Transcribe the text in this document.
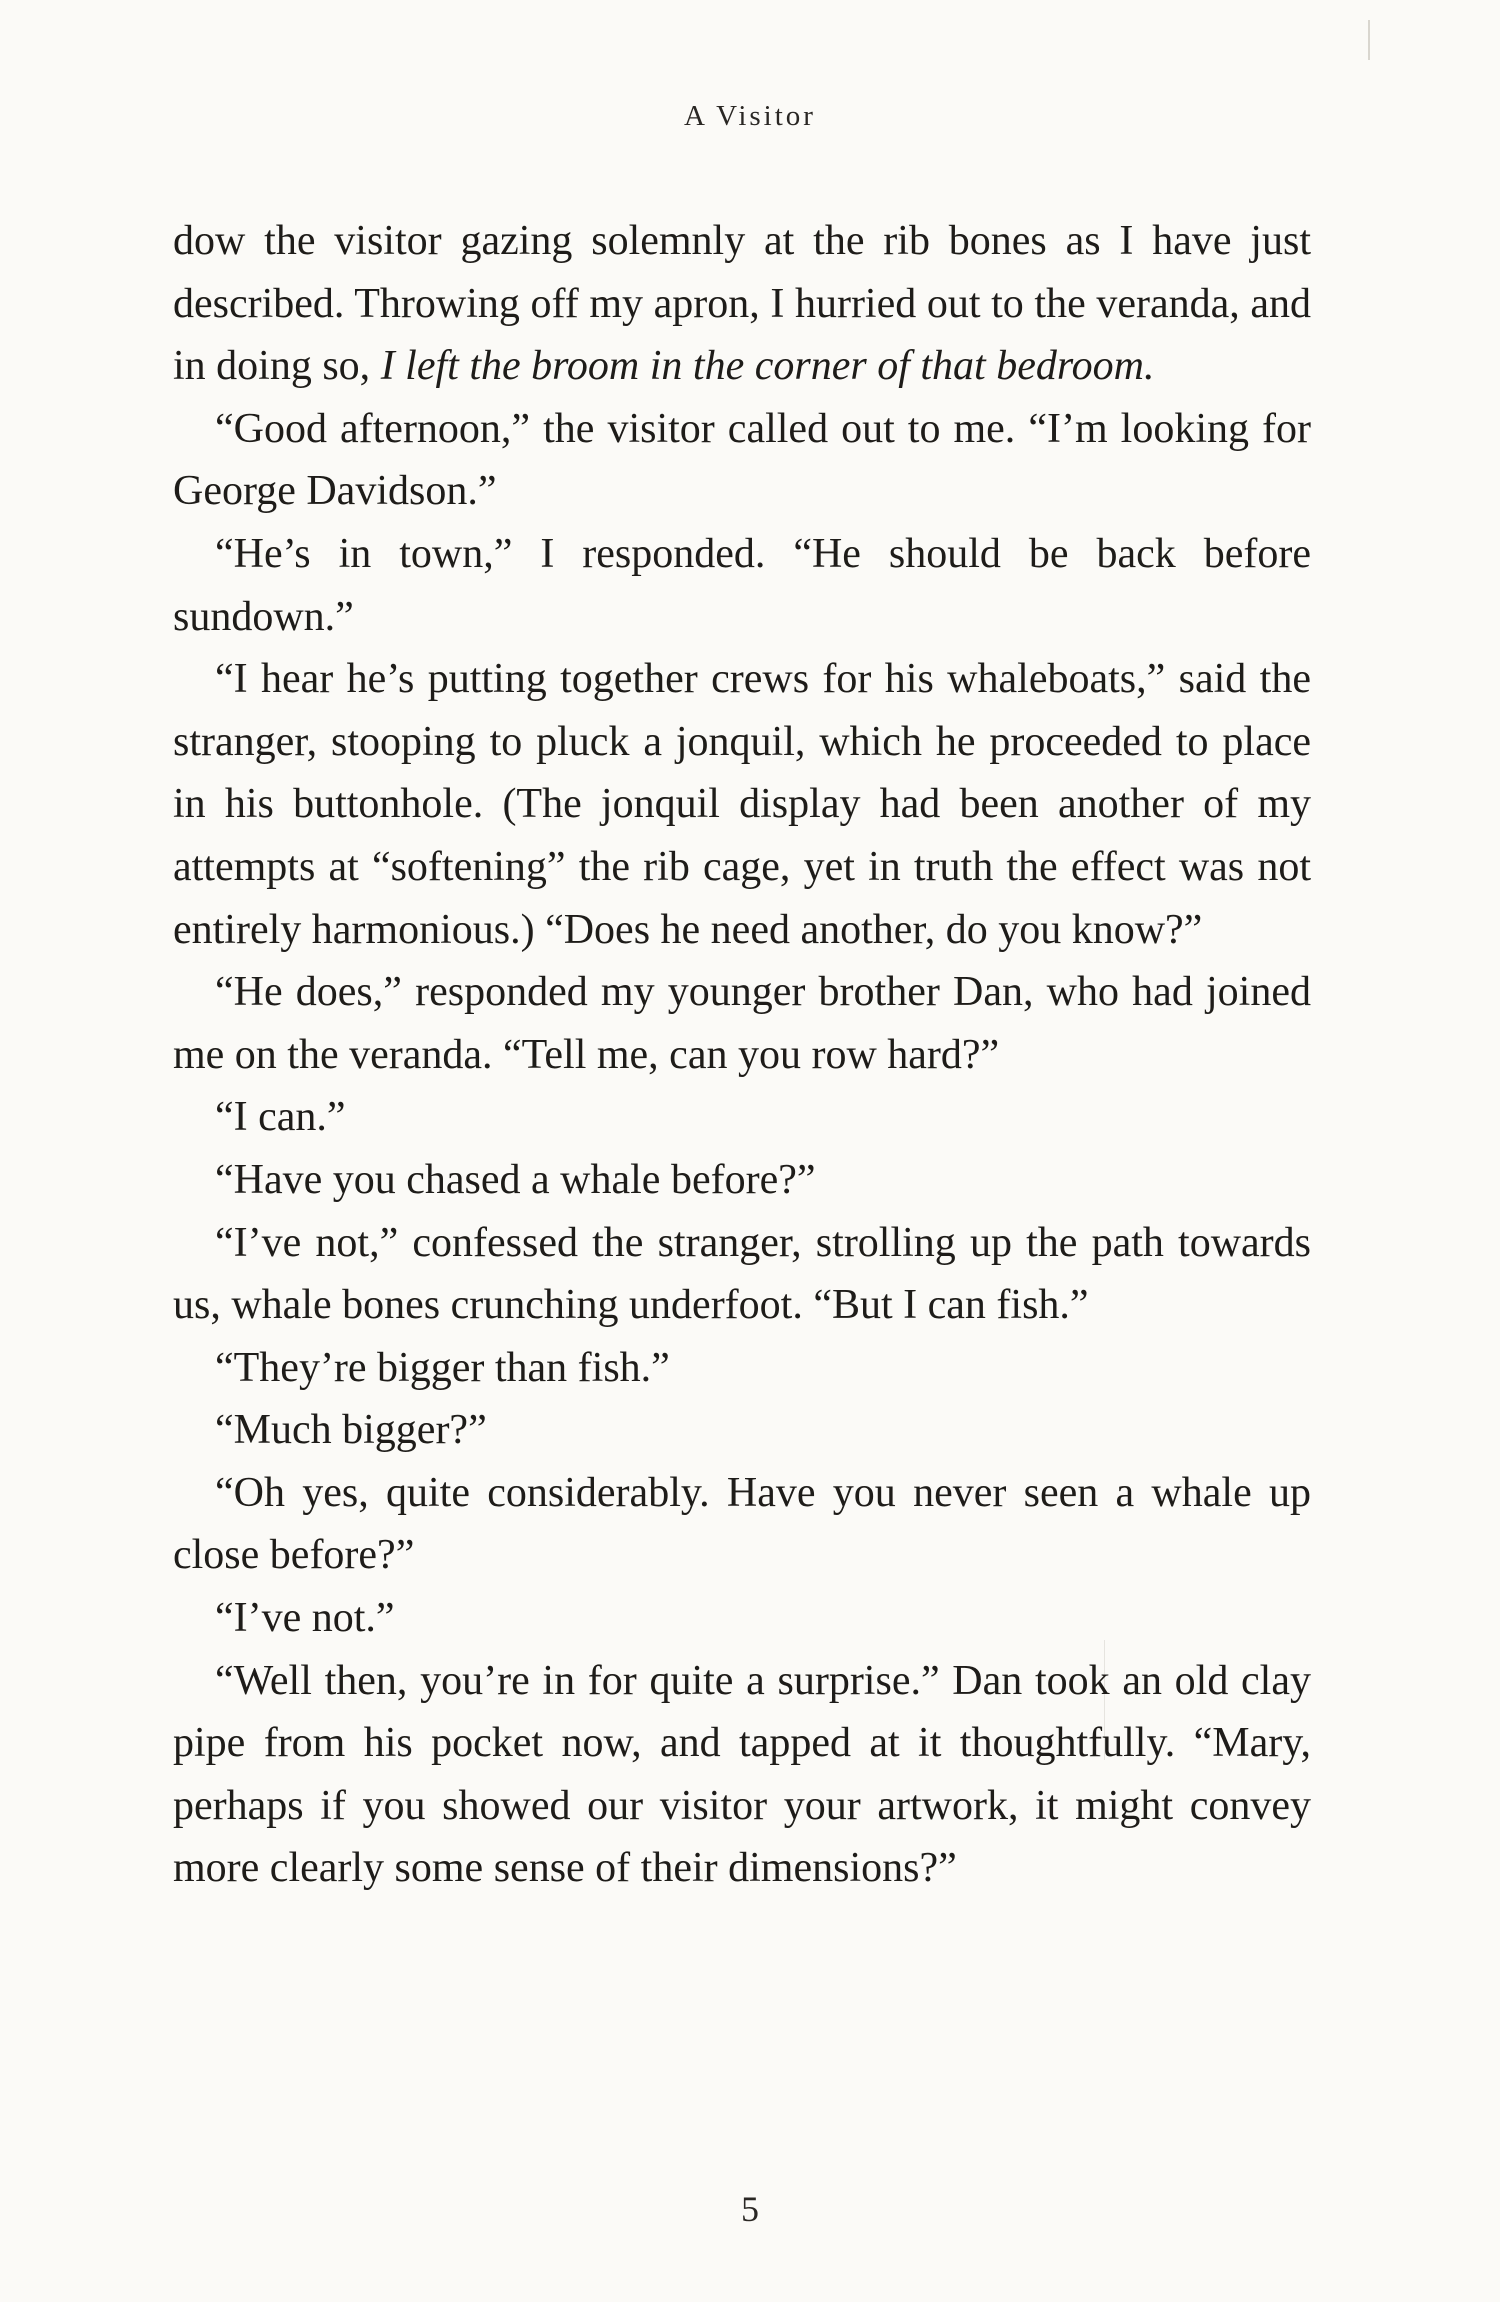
A Visitor

dow the visitor gazing solemnly at the rib bones as I have just described. Throwing off my apron, I hurried out to the veranda, and in doing so, I left the broom in the corner of that bedroom.

“Good afternoon,” the visitor called out to me. “I’m looking for George Davidson.”

“He’s in town,” I responded. “He should be back before sundown.”

“I hear he’s putting together crews for his whaleboats,” said the stranger, stooping to pluck a jonquil, which he proceeded to place in his buttonhole. (The jonquil display had been another of my attempts at “softening” the rib cage, yet in truth the effect was not entirely harmonious.) “Does he need another, do you know?”

“He does,” responded my younger brother Dan, who had joined me on the veranda. “Tell me, can you row hard?”

“I can.”

“Have you chased a whale before?”

“I’ve not,” confessed the stranger, strolling up the path towards us, whale bones crunching underfoot. “But I can fish.”

“They’re bigger than fish.”

“Much bigger?”

“Oh yes, quite considerably. Have you never seen a whale up close before?”

“I’ve not.”

“Well then, you’re in for quite a surprise.” Dan took an old clay pipe from his pocket now, and tapped at it thoughtfully. “Mary, perhaps if you showed our visitor your artwork, it might convey more clearly some sense of their dimensions?”

5
